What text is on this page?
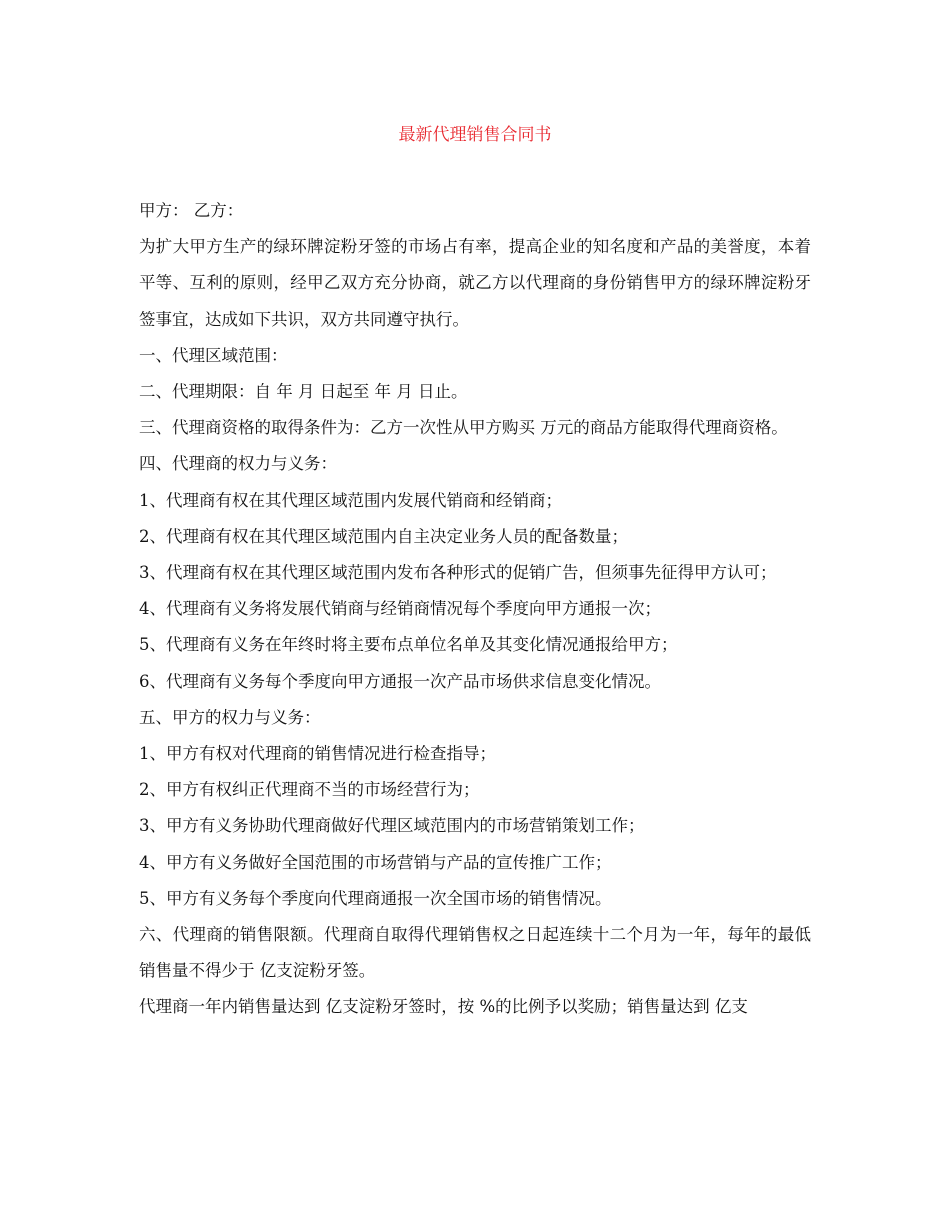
最新代理销售合同书

甲方： 乙方：

为扩大甲方生产的绿环牌淀粉牙签的市场占有率，提高企业的知名度和产品的美誉度，本着平等、互利的原则，经甲乙双方充分协商，就乙方以代理商的身份销售甲方的绿环牌淀粉牙签事宜，达成如下共识，双方共同遵守执行。

一、代理区域范围：

二、代理期限：自 年 月 日起至 年 月 日止。

三、代理商资格的取得条件为：乙方一次性从甲方购买 万元的商品方能取得代理商资格。

四、代理商的权力与义务：

1、代理商有权在其代理区域范围内发展代销商和经销商；

2、代理商有权在其代理区域范围内自主决定业务人员的配备数量；

3、代理商有权在其代理区域范围内发布各种形式的促销广告，但须事先征得甲方认可；

4、代理商有义务将发展代销商与经销商情况每个季度向甲方通报一次；

5、代理商有义务在年终时将主要布点单位名单及其变化情况通报给甲方；

6、代理商有义务每个季度向甲方通报一次产品市场供求信息变化情况。

五、甲方的权力与义务：

1、甲方有权对代理商的销售情况进行检查指导；

2、甲方有权纠正代理商不当的市场经营行为；

3、甲方有义务协助代理商做好代理区域范围内的市场营销策划工作；

4、甲方有义务做好全国范围的市场营销与产品的宣传推广工作；

5、甲方有义务每个季度向代理商通报一次全国市场的销售情况。

六、代理商的销售限额。代理商自取得代理销售权之日起连续十二个月为一年，每年的最低销售量不得少于 亿支淀粉牙签。

代理商一年内销售量达到 亿支淀粉牙签时，按 %的比例予以奖励；销售量达到 亿支
